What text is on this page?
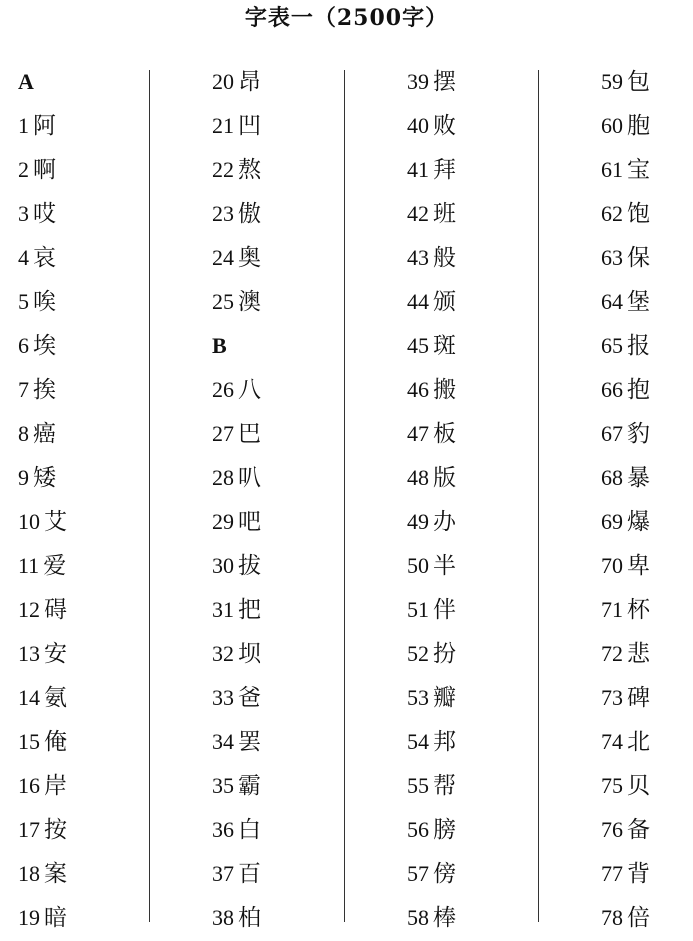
字表一（2500字）
A
1 阿
2 啊
3 哎
4 哀
5 唉
6 埃
7 挨
8 癌
9 矮
10 艾
11 爱
12 碍
13 安
14 氨
15 俺
16 岸
17 按
18 案
19 暗
20 昂
21 凹
22 熬
23 傲
24 奥
25 澳
B
26 八
27 巴
28 叭
29 吧
30 拔
31 把
32 坝
33 爸
34 罢
35 霸
36 白
37 百
38 柏
39 摆
40 败
41 拜
42 班
43 般
44 颁
45 斑
46 搬
47 板
48 版
49 办
50 半
51 伴
52 扮
53 瓣
54 邦
55 帮
56 膀
57 傍
58 棒
59 包
60 胞
61 宝
62 饱
63 保
64 堡
65 报
66 抱
67 豹
68 暴
69 爆
70 卑
71 杯
72 悲
73 碑
74 北
75 贝
76 备
77 背
78 倍
